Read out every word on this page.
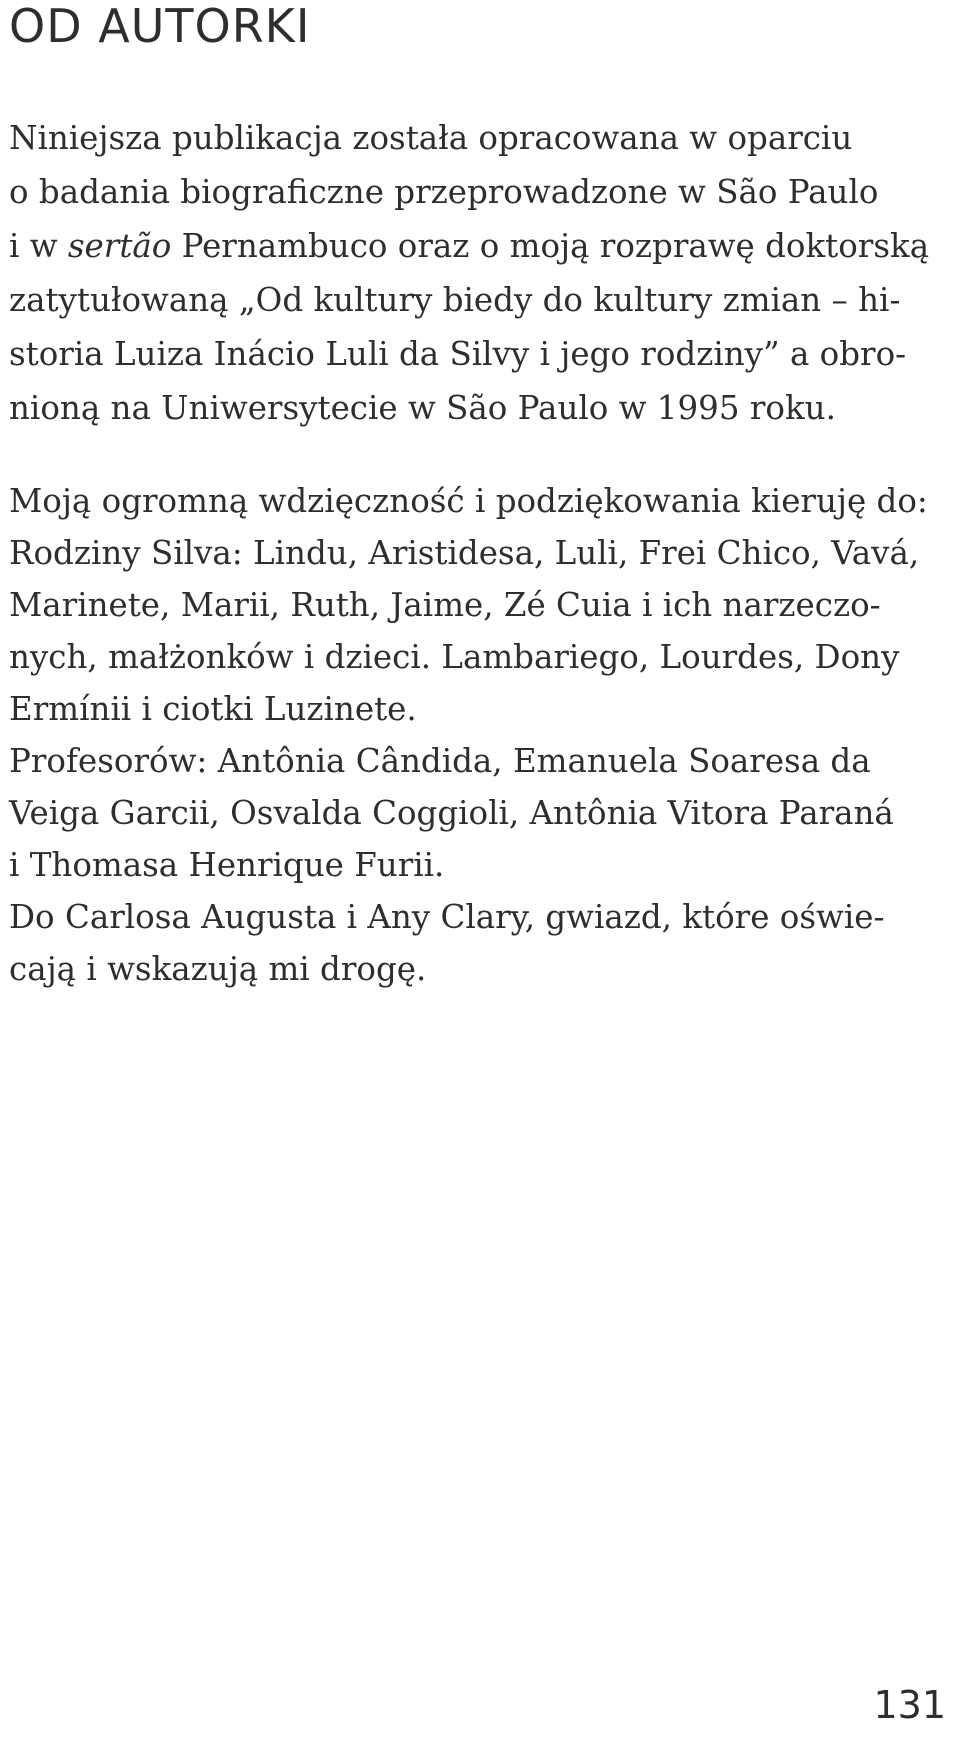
OD AUTORKI
Niniejsza publikacja została opracowana w oparciu
o badania biograficzne przeprowadzone w São Paulo
i w sertão Pernambuco oraz o moją rozprawę doktorską
zatytułowaną „Od kultury biedy do kultury zmian – hi-
storia Luiza Inácio Luli da Silvy i jego rodziny” a obro-
nioną na Uniwersytecie w São Paulo w 1995 roku.
Moją ogromną wdzięczność i podziękowania kieruję do:
Rodziny Silva: Lindu, Aristidesa, Luli, Frei Chico, Vavá,
Marinete, Marii, Ruth, Jaime, Zé Cuia i ich narzeczo-
nych, małżonków i dzieci. Lambariego, Lourdes, Dony
Ermínii i ciotki Luzinete.
Profesorów: Antônia Cândida, Emanuela Soaresa da
Veiga Garcii, Osvalda Coggioli, Antônia Vitora Paraná
i Thomasa Henrique Furii.
Do Carlosa Augusta i Any Clary, gwiazd, które oświe-
cają i wskazują mi drogę.
131
